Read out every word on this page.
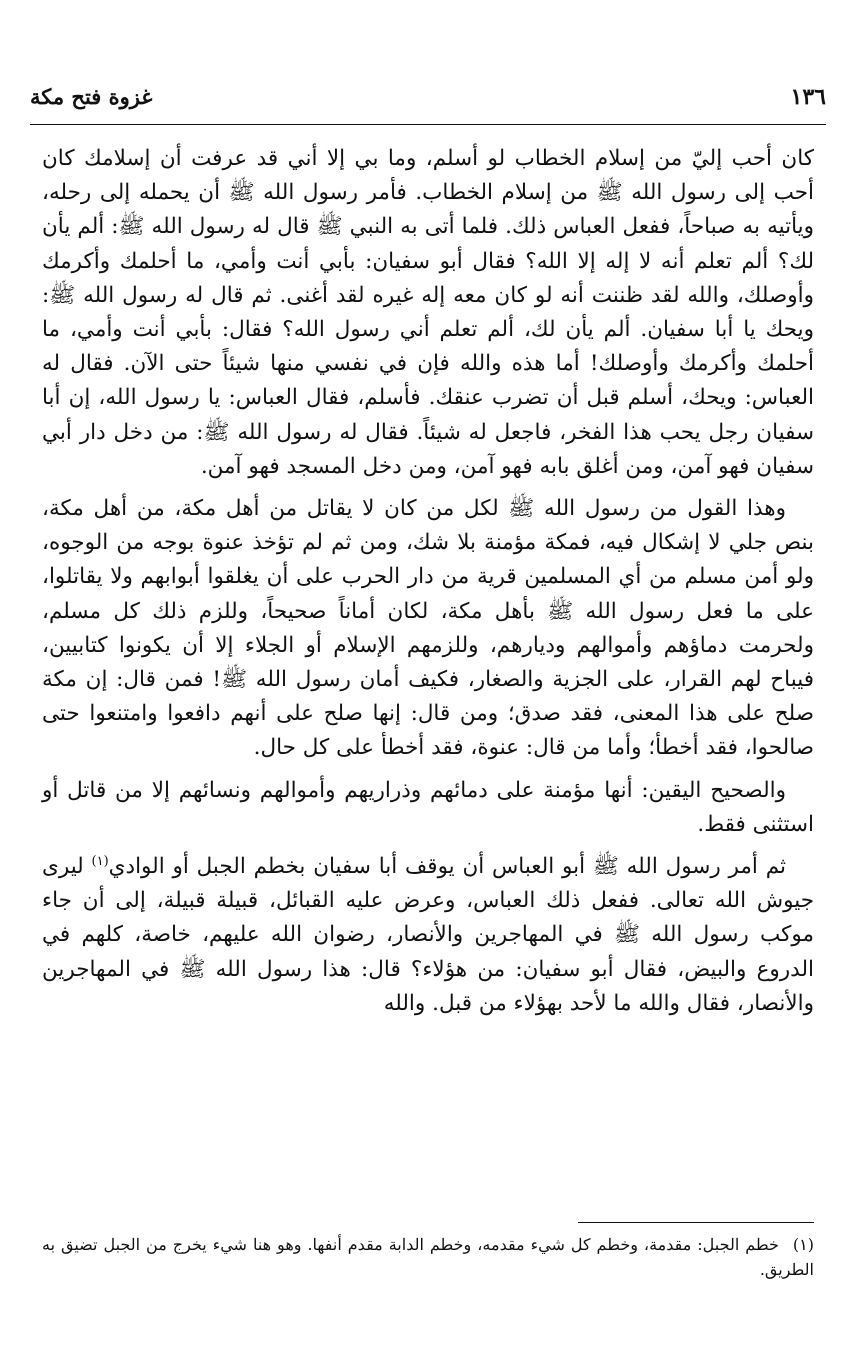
١٣٦
غزوة فتح مكة

كان أحب إليّ من إسلام الخطاب لو أسلم، وما بي إلا أني قد عرفت أن إسلامك كان أحب إلى رسول الله ﷺ من إسلام الخطاب. فأمر رسول الله ﷺ أن يحمله إلى رحله، ويأتيه به صباحاً، ففعل العباس ذلك. فلما أتى به النبي ﷺ قال له رسول الله ﷺ: ألم يأن لك؟ ألم تعلم أنه لا إله إلا الله؟ فقال أبو سفيان: بأبي أنت وأمي، ما أحلمك وأكرمك وأوصلك، والله لقد ظننت أنه لو كان معه إله غيره لقد أغنى. ثم قال له رسول الله ﷺ: ويحك يا أبا سفيان. ألم يأن لك، ألم تعلم أني رسول الله؟ فقال: بأبي أنت وأمي، ما أحلمك وأكرمك وأوصلك! أما هذه والله فإن في نفسي منها شيئاً حتى الآن. فقال له العباس: ويحك، أسلم قبل أن تضرب عنقك. فأسلم، فقال العباس: يا رسول الله، إن أبا سفيان رجل يحب هذا الفخر، فاجعل له شيئاً. فقال له رسول الله ﷺ: من دخل دار أبي سفيان فهو آمن، ومن أغلق بابه فهو آمن، ومن دخل المسجد فهو آمن.

وهذا القول من رسول الله ﷺ لكل من كان لا يقاتل من أهل مكة، من أهل مكة، بنص جلي لا إشكال فيه، فمكة مؤمنة بلا شك، ومن ثم لم تؤخذ عنوة بوجه من الوجوه، ولو أمن مسلم من أي المسلمين قرية من دار الحرب على أن يغلقوا أبوابهم ولا يقاتلوا، على ما فعل رسول الله ﷺ بأهل مكة، لكان أماناً صحيحاً، وللزم ذلك كل مسلم، ولحرمت دماؤهم وأموالهم وديارهم، وللزمهم الإسلام أو الجلاء إلا أن يكونوا كتابيين، فيباح لهم القرار، على الجزية والصغار، فكيف أمان رسول الله ﷺ! فمن قال: إن مكة صلح على هذا المعنى، فقد صدق؛ ومن قال: إنها صلح على أنهم دافعوا وامتنعوا حتى صالحوا، فقد أخطأ؛ وأما من قال: عنوة، فقد أخطأ على كل حال.

والصحيح اليقين: أنها مؤمنة على دمائهم وذراريهم وأموالهم ونسائهم إلا من قاتل أو استثنى فقط.

ثم أمر رسول الله ﷺ أبو العباس أن يوقف أبا سفيان بخطم الجبل أو الوادي$^{(١)}$ ليرى جيوش الله تعالى. ففعل ذلك العباس، وعرض عليه القبائل، قبيلة قبيلة، إلى أن جاء موكب رسول الله ﷺ في المهاجرين والأنصار، رضوان الله عليهم، خاصة، كلهم في الدروع والبيض، فقال أبو سفيان: من هؤلاء؟ قال: هذا رسول الله ﷺ في المهاجرين والأنصار، فقال والله ما لأحد بهؤلاء من قبل. والله

(١)خطم الجبل: مقدمة، وخطم كل شيء مقدمه، وخطم الدابة مقدم أنفها. وهو هنا شيء يخرج من الجبل تضيق به الطريق.
